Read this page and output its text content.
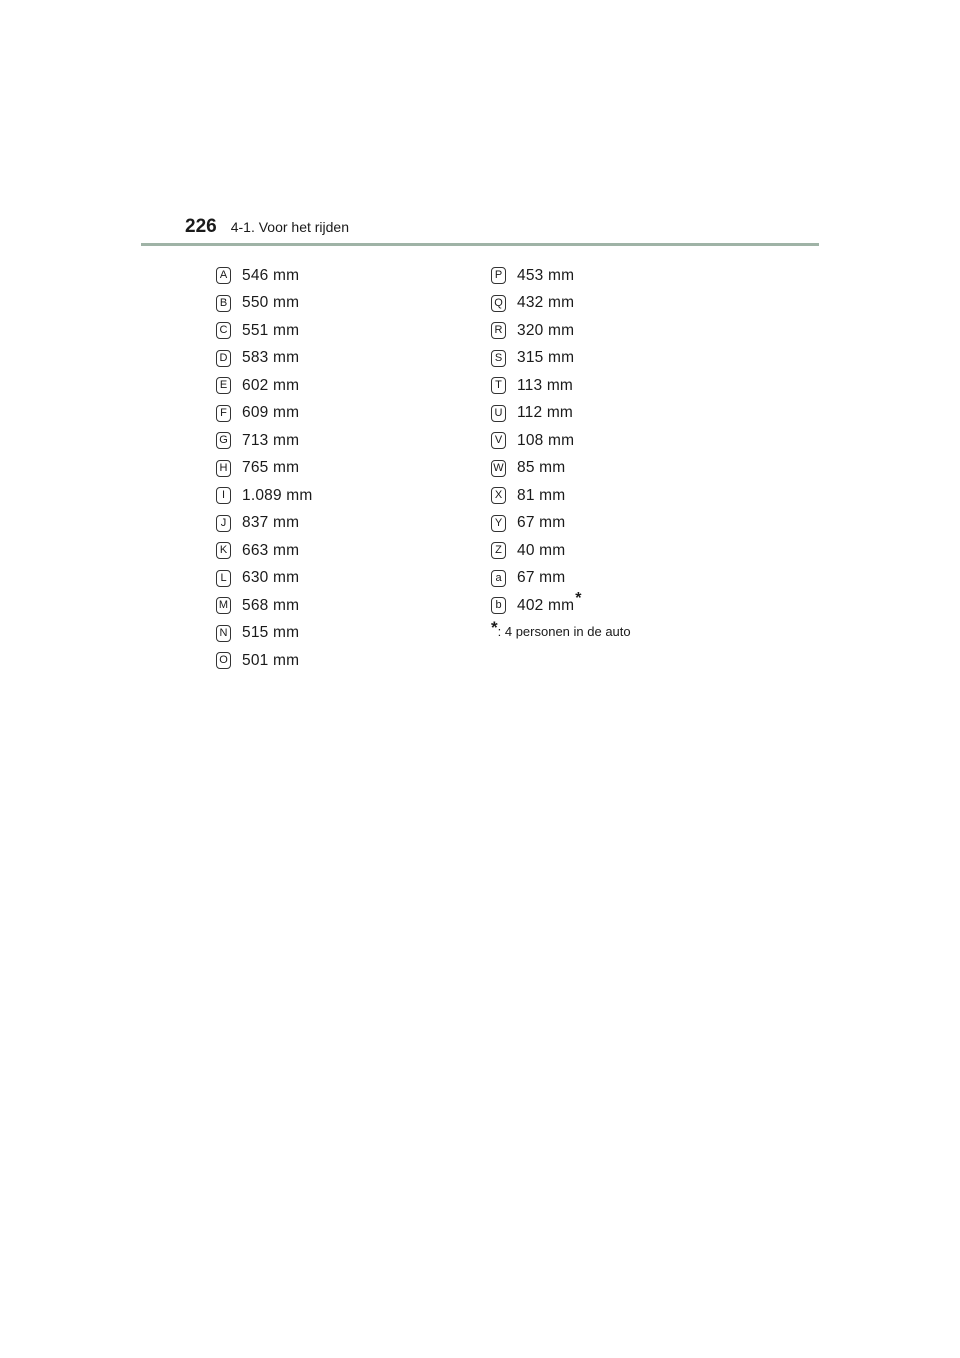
226 4-1. Voor het rijden
A 546 mm
B 550 mm
C 551 mm
D 583 mm
E 602 mm
F 609 mm
G 713 mm
H 765 mm
I	1.089 mm
J	837 mm
K 663 mm
L 630 mm
M 568 mm
N 515 mm
O 501 mm
P 453 mm
Q 432 mm
R 320 mm
S 315 mm
T 113 mm
U 112 mm
V 108 mm
W 85 mm
X 81 mm
Y 67 mm
Z 40 mm
a 67 mm
b 402 mm *
*: 4 personen in de auto
